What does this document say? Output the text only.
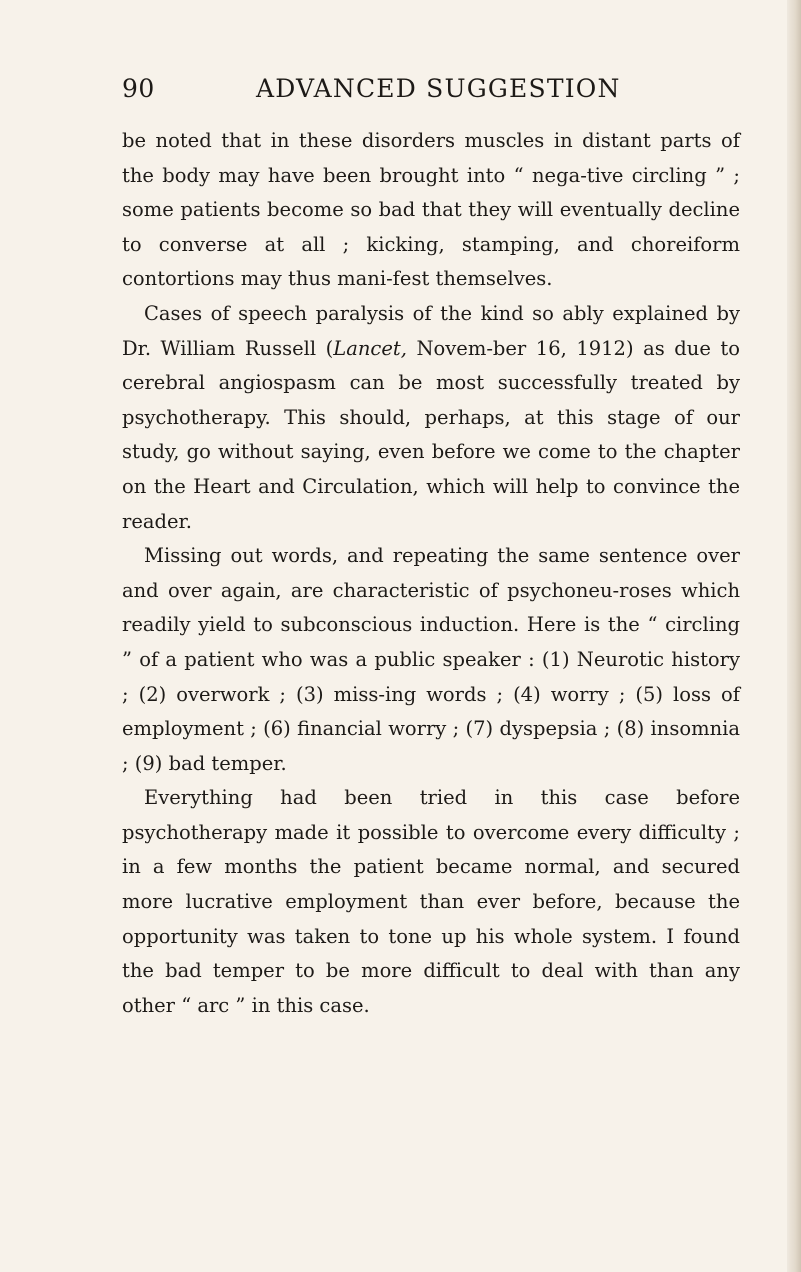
90	ADVANCED SUGGESTION

be noted that in these disorders muscles in distant parts of the body may have been brought into “ nega-tive circling ” ; some patients become so bad that they will eventually decline to converse at all ; kicking, stamping, and choreiform contortions may thus mani-fest themselves.

Cases of speech paralysis of the kind so ably explained by Dr. William Russell (Lancet, Novem-ber 16, 1912) as due to cerebral angiospasm can be most successfully treated by psychotherapy. This should, perhaps, at this stage of our study, go without saying, even before we come to the chapter on the Heart and Circulation, which will help to convince the reader.

Missing out words, and repeating the same sentence over and over again, are characteristic of psychoneu-roses which readily yield to subconscious induction. Here is the “ circling ” of a patient who was a public speaker : (1) Neurotic history ; (2) overwork ; (3) miss-ing words ; (4) worry ; (5) loss of employment ; (6) financial worry ; (7) dyspepsia ; (8) insomnia ; (9) bad temper.

Everything had been tried in this case before psychotherapy made it possible to overcome every difficulty ; in a few months the patient became normal, and secured more lucrative employment than ever before, because the opportunity was taken to tone up his whole system. I found the bad temper to be more difficult to deal with than any other “ arc ” in this case.
